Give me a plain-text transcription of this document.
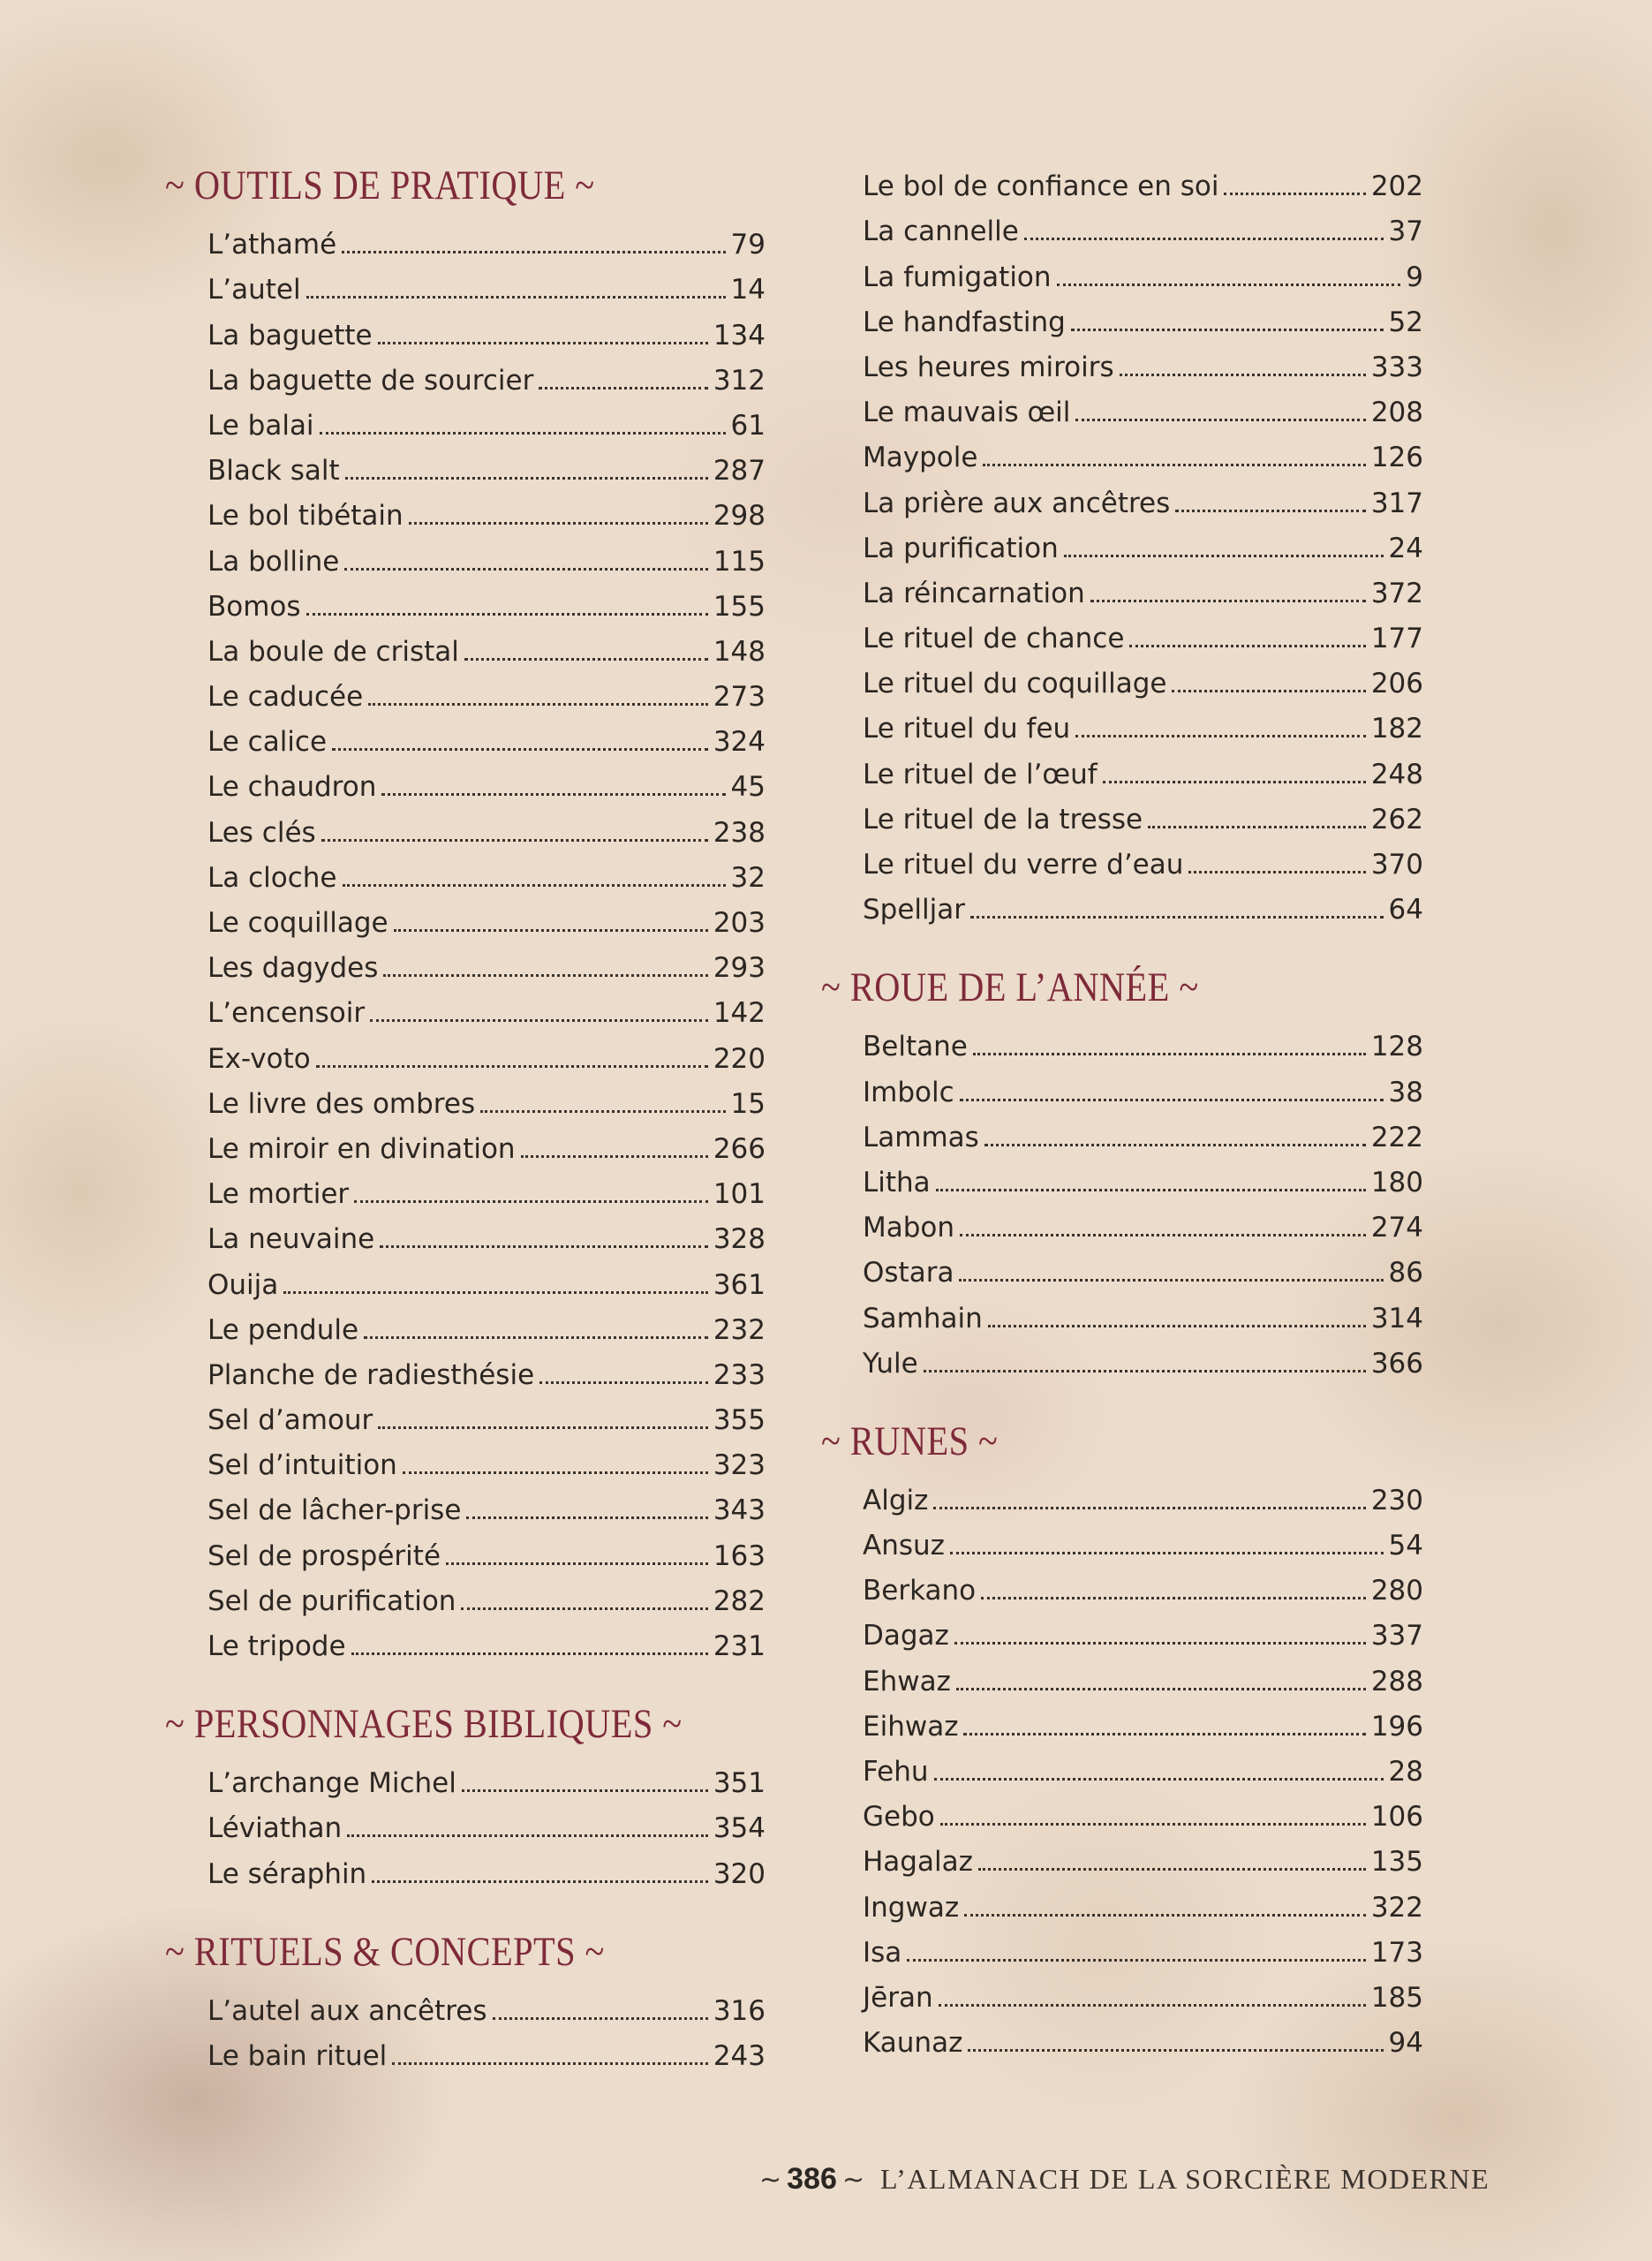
~ OUTILS DE PRATIQUE ~
L’athamé	79
L’autel	14
La baguette	134
La baguette de sourcier	312
Le balai	61
Black salt	287
Le bol tibétain	298
La bolline	115
Bomos	155
La boule de cristal	148
Le caducée	273
Le calice	324
Le chaudron	45
Les clés	238
La cloche	32
Le coquillage	203
Les dagydes	293
L’encensoir	142
Ex-voto	220
Le livre des ombres	15
Le miroir en divination	266
Le mortier	101
La neuvaine	328
Ouija	361
Le pendule	232
Planche de radiesthésie	233
Sel d’amour	355
Sel d’intuition	323
Sel de lâcher-prise	343
Sel de prospérité	163
Sel de purification	282
Le tripode	231
~ PERSONNAGES BIBLIQUES ~
L’archange Michel	351
Léviathan	354
Le séraphin	320
~ RITUELS & CONCEPTS ~
L’autel aux ancêtres	316
Le bain rituel	243
Le bol de confiance en soi	202
La cannelle	37
La fumigation	9
Le handfasting	52
Les heures miroirs	333
Le mauvais œil	208
Maypole	126
La prière aux ancêtres	317
La purification	24
La réincarnation	372
Le rituel de chance	177
Le rituel du coquillage	206
Le rituel du feu	182
Le rituel de l’œuf	248
Le rituel de la tresse	262
Le rituel du verre d’eau	370
Spelljar	64
~ ROUE DE L’ANNÉE ~
Beltane	128
Imbolc	38
Lammas	222
Litha	180
Mabon	274
Ostara	86
Samhain	314
Yule	366
~ RUNES ~
Algiz	230
Ansuz	54
Berkano	280
Dagaz	337
Ehwaz	288
Eihwaz	196
Fehu	28
Gebo	106
Hagalaz	135
Ingwaz	322
Isa	173
Jēran	185
Kaunaz	94
~ 386 ~ L’ALMANACH DE LA SORCIÈRE MODERNE
